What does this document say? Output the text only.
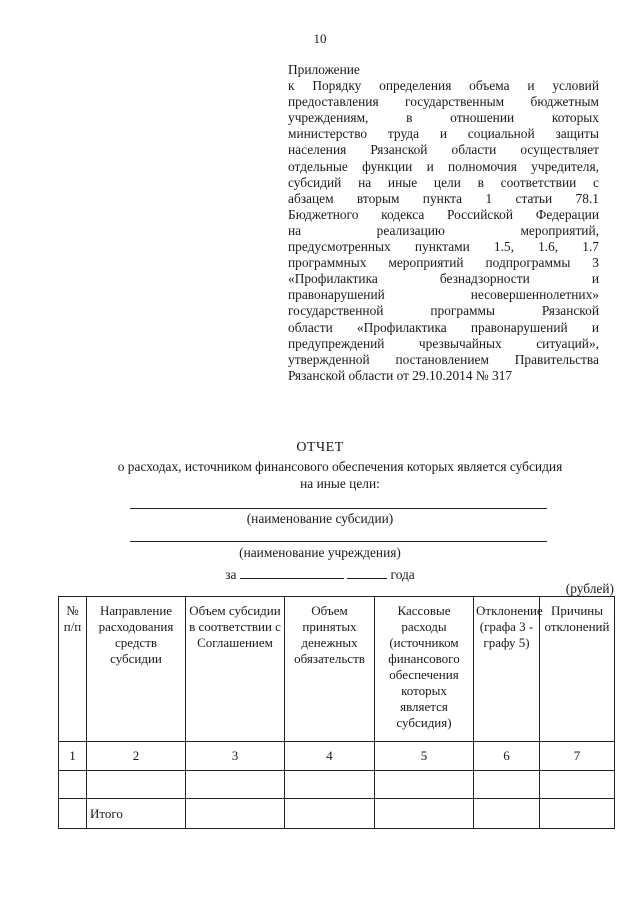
10
Приложение
к Порядку определения объема и условий
предоставления государственным бюджетным
учреждениям, в отношении которых
министерство труда и социальной защиты
населения Рязанской области осуществляет
отдельные функции и полномочия учредителя,
субсидий на иные цели в соответствии с
абзацем вторым пункта 1 статьи 78.1
Бюджетного кодекса Российской Федерации
на реализацию мероприятий,
предусмотренных пунктами 1.5, 1.6, 1.7
программных мероприятий подпрограммы 3
«Профилактика безнадзорности и
правонарушений несовершеннолетних»
государственной программы Рязанской
области «Профилактика правонарушений и
предупреждений чрезвычайных ситуаций»,
утвержденной постановлением Правительства
Рязанской области от 29.10.2014 № 317
ОТЧЕТ
о расходах, источником финансового обеспечения которых является субсидия
на иные цели:
(наименование субсидии)
(наименование учреждения)
за	года
(рублей)
№ п/п	Направление расходования средств субсидии	Объем субсидии в соответствии с Соглашением	Объем принятых денежных обязательств	Кассовые расходы (источником финансового обеспечения которых является субсидия)	Отклонение (графа 3 - графу 5)	Причины отклонений
1	2	3	4	5	6	7

	Итого					
